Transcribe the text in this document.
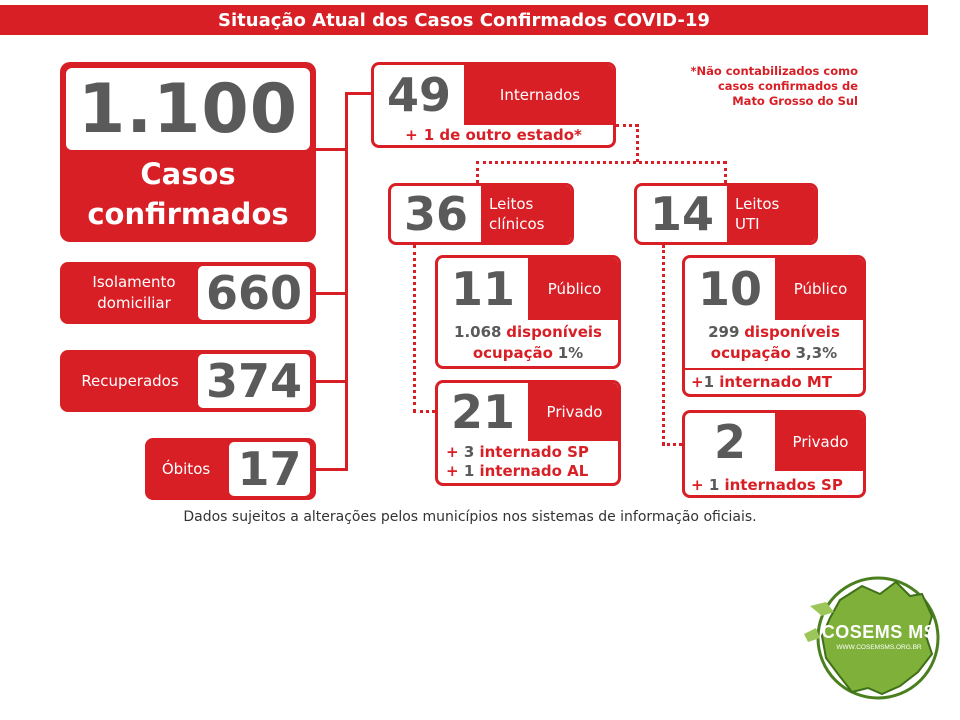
Situação Atual dos Casos Confirmados COVID-19
*Não contabilizados como
casos confirmados de
Mato Grosso do Sul
1.100
Casos
confirmados
Isolamento
domiciliar 660
Recuperados 374
Óbitos 17
49	Internados
+ 1 de outro estado*
36 Leitos
clínicos	14 Leitos
UTI
11 Público
1.068 disponíveis
ocupação 1%
21 Privado
+ 3 internado SP
+ 1 internado AL
10 Público
299 disponíveis
ocupação 3,3%
+1 internado MT
2	Privado
+ 1 internados SP
Dados sujeitos a alterações pelos municípios nos sistemas de informação oficiais.
COSEMS MS
WWW.COSEMSMS.ORG.BR
